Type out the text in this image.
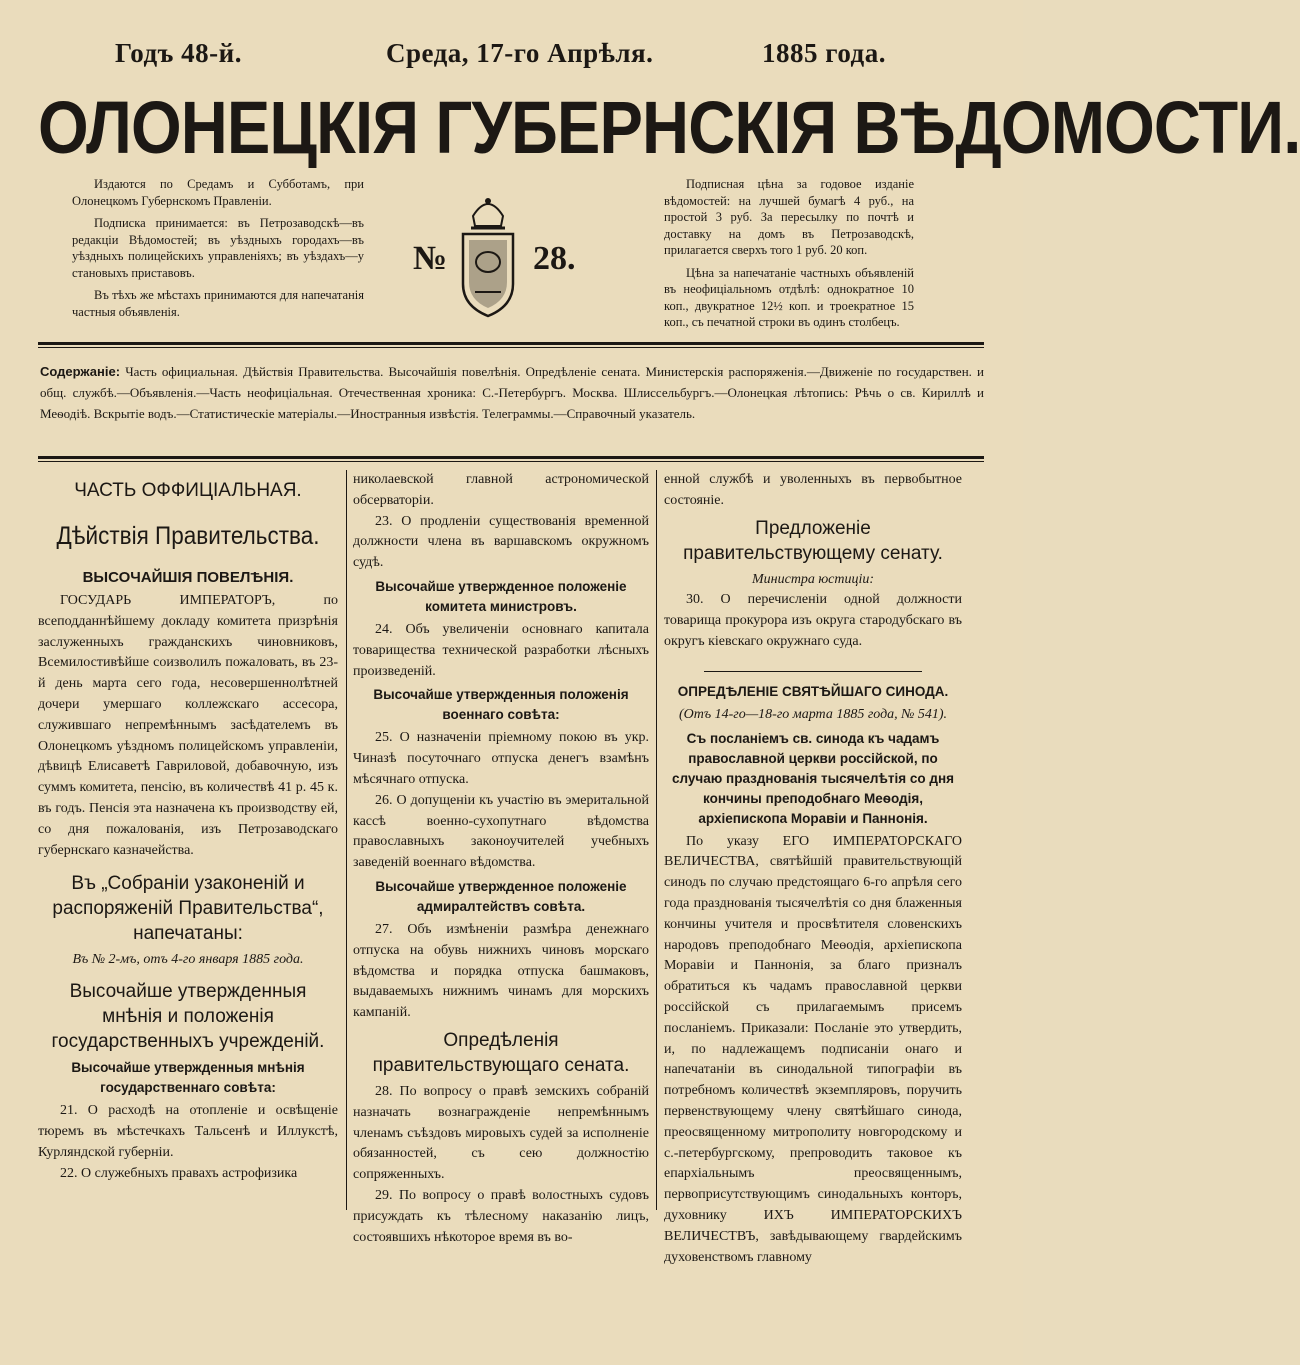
Годъ 48-й.	Среда, 17-го Апрѣля.	1885 года.
ОЛОНЕЦКІЯ ГУБЕРНСКІЯ ВѢДОМОСТИ.

Издаются по Средамъ и Субботамъ, при Олонецкомъ Губернскомъ Правленіи.

Подписка принимается: въ Петрозаводскѣ—въ редакціи Вѣдомостей; въ уѣздныхъ городахъ—въ уѣздныхъ полицейскихъ управленіяхъ; въ уѣздахъ—у становыхъ приставовъ.

Въ тѣхъ же мѣстахъ принимаются для напечатанія частныя объявленія.

№	28.

Подписная цѣна за годовое изданіе вѣдомостей: на лучшей бумагѣ 4 руб., на простой 3 руб. За пересылку по почтѣ и доставку на домъ въ Петрозаводскѣ, прилагается сверхъ того 1 руб. 20 коп.

Цѣна за напечатаніе частныхъ объявленій въ неофиціальномъ отдѣлѣ: однократное 10 коп., двукратное 12½ коп. и троекратное 15 коп., съ печатной строки въ одинъ столбецъ.

Содержаніе: Часть официальная. Дѣйствія Правительства. Высочайшія повелѣнія. Опредѣленіе сената. Министерскія распоряженія.—Движеніе по государствен. и общ. службѣ.—Объявленія.—Часть неофиціальная. Отечественная хроника: С.-Петербургъ. Москва. Шлиссельбургъ.—Олонецкая лѣтопись: Рѣчь о св. Кириллѣ и Меѳодіѣ. Вскрытіе водъ.—Статистическіе матеріалы.—Иностранныя извѣстія. Телеграммы.—Справочный указатель.
ЧАСТЬ ОФФИЦІАЛЬНАЯ.
Дѣйствія Правительства.
ВЫСОЧАЙШІЯ ПОВЕЛѢНІЯ.

ГОСУДАРЬ ИМПЕРАТОРЪ, по всеподданнѣйшему докладу комитета призрѣнія заслуженныхъ гражданскихъ чиновниковъ, Всемилостивѣйше соизволилъ пожаловать, въ 23-й день марта сего года, несовершеннолѣтней дочери умершаго коллежскаго ассесора, служившаго непремѣннымъ засѣдателемъ въ Олонецкомъ уѣздномъ полицейскомъ управленіи, дѣвицѣ Елисаветѣ Гавриловой, добавочную, изъ суммъ комитета, пенсію, въ количествѣ 41 р. 45 к. въ годъ. Пенсія эта назначена къ производству ей, со дня пожалованія, изъ Петрозаводскаго губернскаго казначейства.

Въ „Собраніи узаконеній и распоряженій Правительства“, напечатаны:
Въ № 2-мъ, отъ 4-го января 1885 года.
Высочайше утвержденныя мнѣнія и положенія государственныхъ учрежденій.
Высочайше утвержденныя мнѣнія государственнаго совѣта:

21. О расходѣ на отопленіе и освѣщеніе тюремъ въ мѣстечкахъ Тальсенѣ и Иллукстѣ, Курляндской губерніи.

22. О служебныхъ правахъ астрофизика

николаевской главной астрономической обсерваторіи.

23. О продленіи существованія временной должности члена въ варшавскомъ окружномъ судѣ.

Высочайше утвержденное положеніе комитета министровъ.

24. Объ увеличеніи основнаго капитала товарищества технической разработки лѣсныхъ произведеній.

Высочайше утвержденныя положенія военнаго совѣта:

25. О назначеніи пріемному покою въ укр. Чиназѣ посуточнаго отпуска денегъ взамѣнъ мѣсячнаго отпуска.

26. О допущеніи къ участію въ эмеритальной кассѣ военно-сухопутнаго вѣдомства православныхъ законоучителей учебныхъ заведеній военнаго вѣдомства.

Высочайше утвержденное положеніе адмиралтействъ совѣта.

27. Объ измѣненіи размѣра денежнаго отпуска на обувь нижнихъ чиновъ морскаго вѣдомства и порядка отпуска башмаковъ, выдаваемыхъ нижнимъ чинамъ для морскихъ кампаній.

Опредѣленія правительствующаго сената.

28. По вопросу о правѣ земскихъ собраній назначать вознагражденіе непремѣннымъ членамъ съѣздовъ мировыхъ судей за исполненіе обязанностей, съ сею должностію сопряженныхъ.

29. По вопросу о правѣ волостныхъ судовъ присуждать къ тѣлесному наказанію лицъ, состоявшихъ нѣкоторое время въ во-

енной службѣ и уволенныхъ въ первобытное состояніе.

Предложеніе правительствующему сенату.
Министра юстиціи:

30. О перечисленіи одной должности товарища прокурора изъ округа стародубскаго въ округъ кіевскаго окружнаго суда.

ОПРЕДѢЛЕНІЕ СВЯТѢЙШАГО СИНОДА.
(Отъ 14-го—18-го марта 1885 года, № 541).
Съ посланіемъ св. синода къ чадамъ православной церкви россійской, по случаю празднованія тысячелѣтія со дня кончины преподобнаго Меѳодія, архіепископа Моравіи и Паннонія.

По указу ЕГО ИМПЕРАТОРСКАГО ВЕЛИЧЕСТВА, святѣйшій правительствующій синодъ по случаю предстоящаго 6-го апрѣля сего года празднованія тысячелѣтія со дня блаженныя кончины учителя и просвѣтителя словенскихъ народовъ преподобнаго Меѳодія, архіепископа Моравіи и Паннонія, за благо призналъ обратиться къ чадамъ православной церкви россійской съ прилагаемымъ присемъ посланіемъ. Приказали: Посланіе это утвердить, и, по надлежащемъ подписаніи онаго и напечатаніи въ синодальной типографіи въ потребномъ количествѣ экземпляровъ, поручить первенствующему члену святѣйшаго синода, преосвященному митрополиту новгородскому и с.-петербургскому, препроводить таковое къ епархіальнымъ преосвященнымъ, первоприсутствующимъ синодальныхъ конторъ, духовнику ИХЪ ИМПЕРАТОРСКИХЪ ВЕЛИЧЕСТВЪ, завѣдывающему гвардейскимъ духовенствомъ главному
